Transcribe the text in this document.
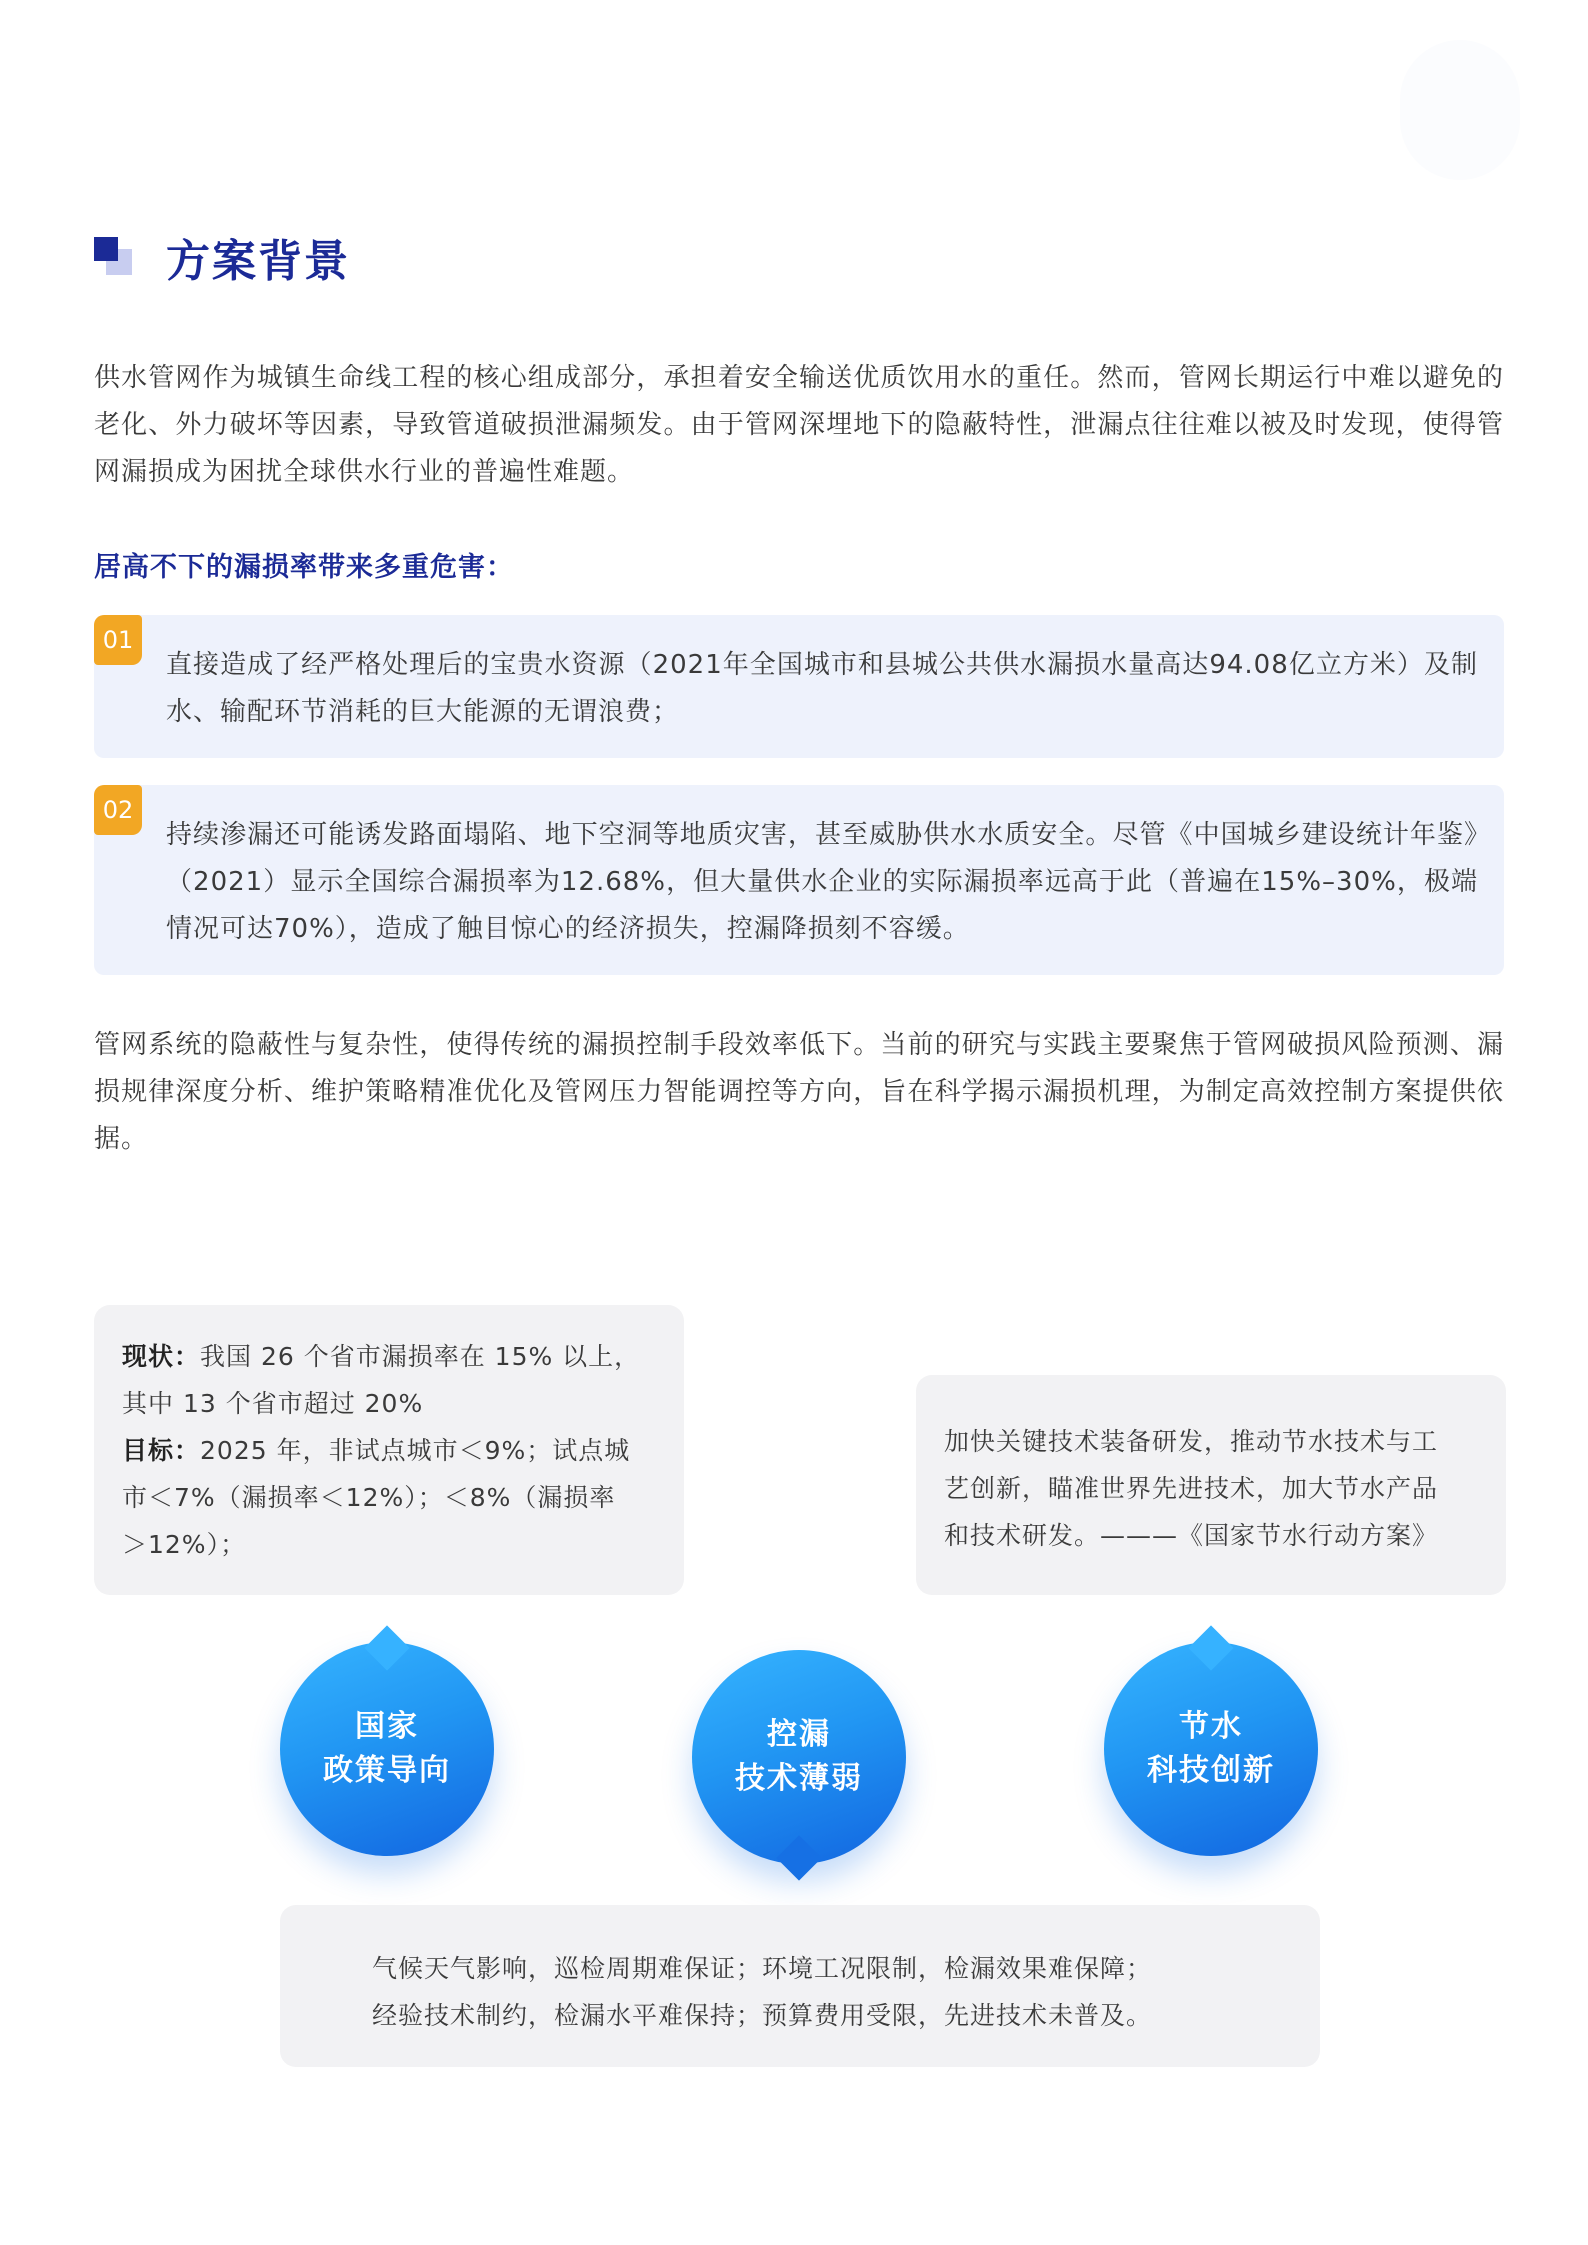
方案背景

供水管网作为城镇生命线工程的核心组成部分，承担着安全输送优质饮用水的重任。然而，管网长期运行中难以避免的老化、外力破坏等因素，导致管道破损泄漏频发。由于管网深埋地下的隐蔽特性，泄漏点往往难以被及时发现，使得管网漏损成为困扰全球供水行业的普遍性难题。

居高不下的漏损率带来多重危害：
01

直接造成了经严格处理后的宝贵水资源（2021年全国城市和县城公共供水漏损水量高达94.08亿立方米）及制水、输配环节消耗的巨大能源的无谓浪费；

02

持续渗漏还可能诱发路面塌陷、地下空洞等地质灾害，甚至威胁供水水质安全。尽管《中国城乡建设统计年鉴》（2021）显示全国综合漏损率为12.68%，但大量供水企业的实际漏损率远高于此（普遍在15%–30%，极端情况可达70%），造成了触目惊心的经济损失，控漏降损刻不容缓。

管网系统的隐蔽性与复杂性，使得传统的漏损控制手段效率低下。当前的研究与实践主要聚焦于管网破损风险预测、漏损规律深度分析、维护策略精准优化及管网压力智能调控等方向，旨在科学揭示漏损机理，为制定高效控制方案提供依据。

现状：我国 26 个省市漏损率在 15% 以上，
其中 13 个省市超过 20%
目标：2025 年，非试点城市＜9%；试点城
市＜7%（漏损率＜12%）；＜8%（漏损率
＞12%）；
加快关键技术装备研发，推动节水技术与工
艺创新，瞄准世界先进技术，加大节水产品
和技术研发。———《国家节水行动方案》
国家
政策导向
控漏
技术薄弱
节水
科技创新
气候天气影响，巡检周期难保证；环境工况限制，检漏效果难保障；
经验技术制约，检漏水平难保持；预算费用受限，先进技术未普及。
